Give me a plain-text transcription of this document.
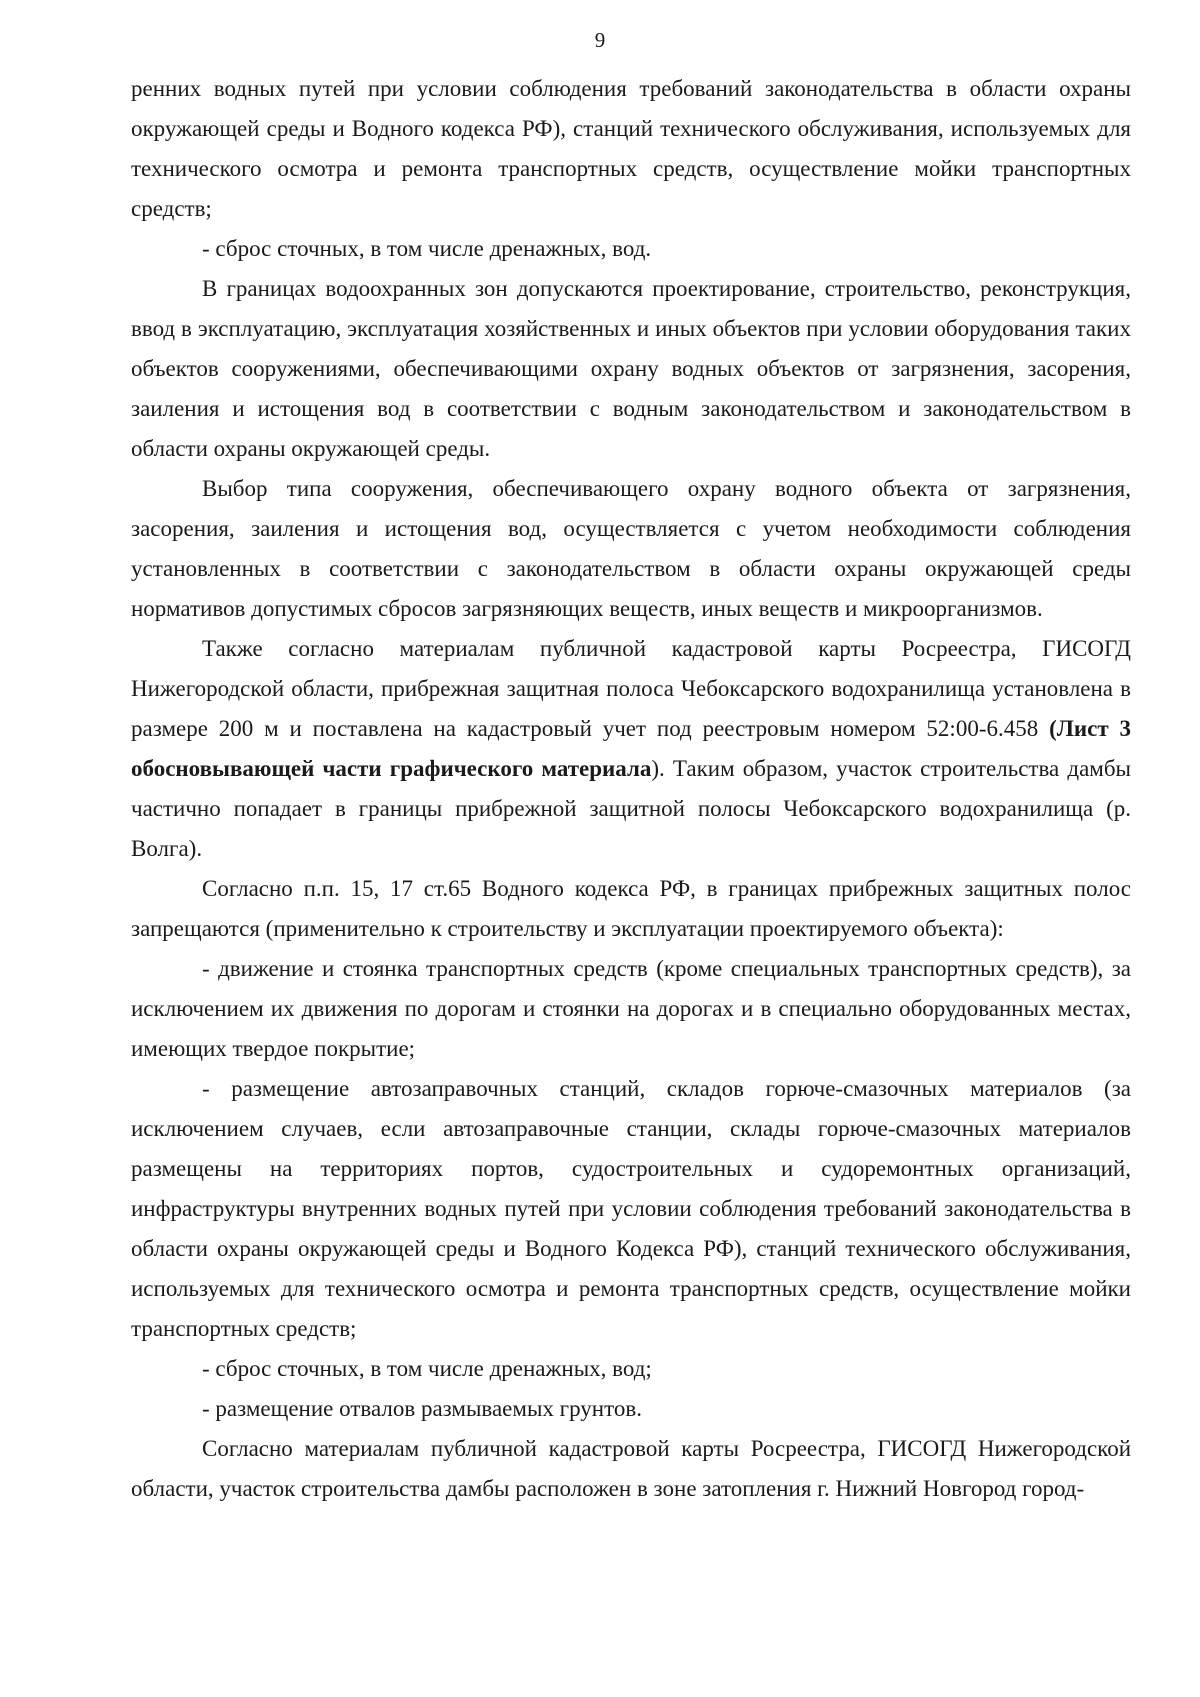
9

ренних водных путей при условии соблюдения требований законодательства в области охраны окружающей среды и Водного кодекса РФ), станций технического обслуживания, используемых для технического осмотра и ремонта транспортных средств, осуществление мойки транспортных средств;

- сброс сточных, в том числе дренажных, вод.

В границах водоохранных зон допускаются проектирование, строительство, реконструкция, ввод в эксплуатацию, эксплуатация хозяйственных и иных объектов при условии оборудования таких объектов сооружениями, обеспечивающими охрану водных объектов от загрязнения, засорения, заиления и истощения вод в соответствии с водным законодательством и законодательством в области охраны окружающей среды.

Выбор типа сооружения, обеспечивающего охрану водного объекта от загрязнения, засорения, заиления и истощения вод, осуществляется с учетом необходимости соблюдения установленных в соответствии с законодательством в области охраны окружающей среды нормативов допустимых сбросов загрязняющих веществ, иных веществ и микроорганизмов.

Также согласно материалам публичной кадастровой карты Росреестра, ГИСОГД Нижегородской области, прибрежная защитная полоса Чебоксарского водохранилища установлена в размере 200 м и поставлена на кадастровый учет под реестровым номером 52:00-6.458 (Лист 3 обосновывающей части графического материала). Таким образом, участок строительства дамбы частично попадает в границы прибрежной защитной полосы Чебоксарского водохранилища (р. Волга).

Согласно п.п. 15, 17 ст.65 Водного кодекса РФ, в границах прибрежных защитных полос запрещаются (применительно к строительству и эксплуатации проектируемого объекта):

- движение и стоянка транспортных средств (кроме специальных транспортных средств), за исключением их движения по дорогам и стоянки на дорогах и в специально оборудованных местах, имеющих твердое покрытие;

- размещение автозаправочных станций, складов горюче-смазочных материалов (за исключением случаев, если автозаправочные станции, склады горюче-смазочных материалов размещены на территориях портов, судостроительных и судоремонтных организаций, инфраструктуры внутренних водных путей при условии соблюдения требований законодательства в области охраны окружающей среды и Водного Кодекса РФ), станций технического обслуживания, используемых для технического осмотра и ремонта транспортных средств, осуществление мойки транспортных средств;

- сброс сточных, в том числе дренажных, вод;

- размещение отвалов размываемых грунтов.

Согласно материалам публичной кадастровой карты Росреестра, ГИСОГД Нижегородской области, участок строительства дамбы расположен в зоне затопления г. Нижний Новгород город-
